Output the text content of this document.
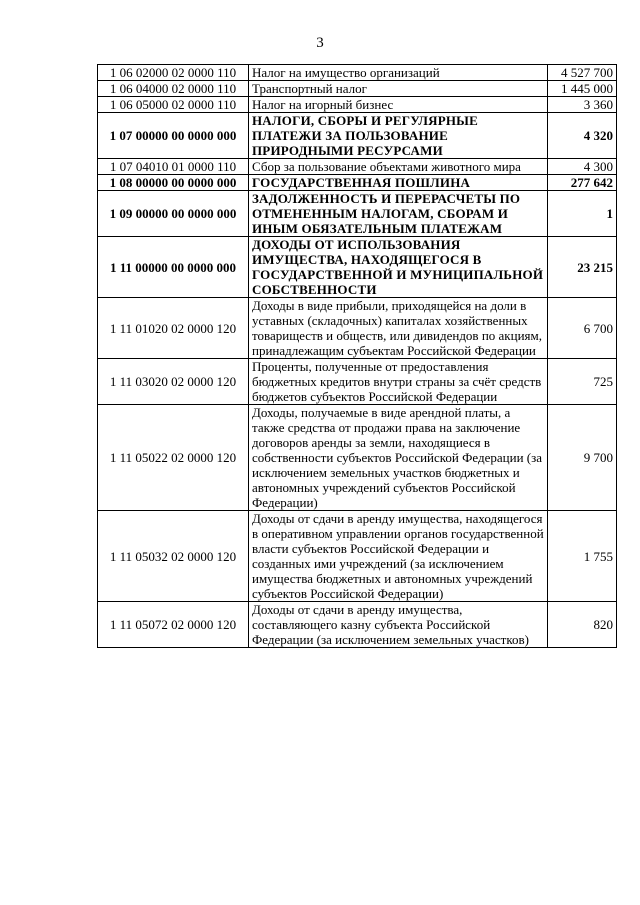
3
1 06 02000 02 0000 110	Налог на имущество организаций	4 527 700
1 06 04000 02 0000 110	Транспортный налог	1 445 000
1 06 05000 02 0000 110	Налог на игорный бизнес	3 360
1 07 00000 00 0000 000	НАЛОГИ, СБОРЫ И РЕГУЛЯРНЫЕ ПЛАТЕЖИ ЗА ПОЛЬЗОВАНИЕ ПРИРОДНЫМИ РЕСУРСАМИ	4 320
1 07 04010 01 0000 110	Сбор за пользование объектами животного мира	4 300
1 08 00000 00 0000 000	ГОСУДАРСТВЕННАЯ ПОШЛИНА	277 642
1 09 00000 00 0000 000	ЗАДОЛЖЕННОСТЬ И ПЕРЕРАСЧЕТЫ ПО ОТМЕНЕННЫМ НАЛОГАМ, СБОРАМ И ИНЫМ ОБЯЗАТЕЛЬНЫМ ПЛАТЕЖАМ	1
1 11 00000 00 0000 000	ДОХОДЫ ОТ ИСПОЛЬЗОВАНИЯ ИМУЩЕСТВА, НАХОДЯЩЕГОСЯ В ГОСУДАРСТВЕННОЙ И МУНИЦИПАЛЬНОЙ СОБСТВЕННОСТИ	23 215
1 11 01020 02 0000 120	Доходы в виде прибыли, приходящейся на доли в уставных (складочных) капиталах хозяйственных товариществ и обществ, или дивидендов по акциям, принадлежащим субъектам Российской Федерации	6 700
1 11 03020 02 0000 120	Проценты, полученные от предоставления бюджетных кредитов внутри страны за счёт средств бюджетов субъектов Российской Федерации	725
1 11 05022 02 0000 120	Доходы, получаемые в виде арендной платы, а также средства от продажи права на заключение договоров аренды за земли, находящиеся в собственности субъектов Российской Федерации (за исключением земельных участков бюджетных и автономных учреждений субъектов Российской Федерации)	9 700
1 11 05032 02 0000 120	Доходы от сдачи в аренду имущества, находящегося в оперативном управлении органов государственной власти субъектов Российской Федерации и созданных ими учреждений (за исключением имущества бюджетных и автономных учреждений субъектов Российской Федерации)	1 755
1 11 05072 02 0000 120	Доходы от сдачи в аренду имущества, составляющего казну субъекта Российской Федерации (за исключением земельных участков)	820
